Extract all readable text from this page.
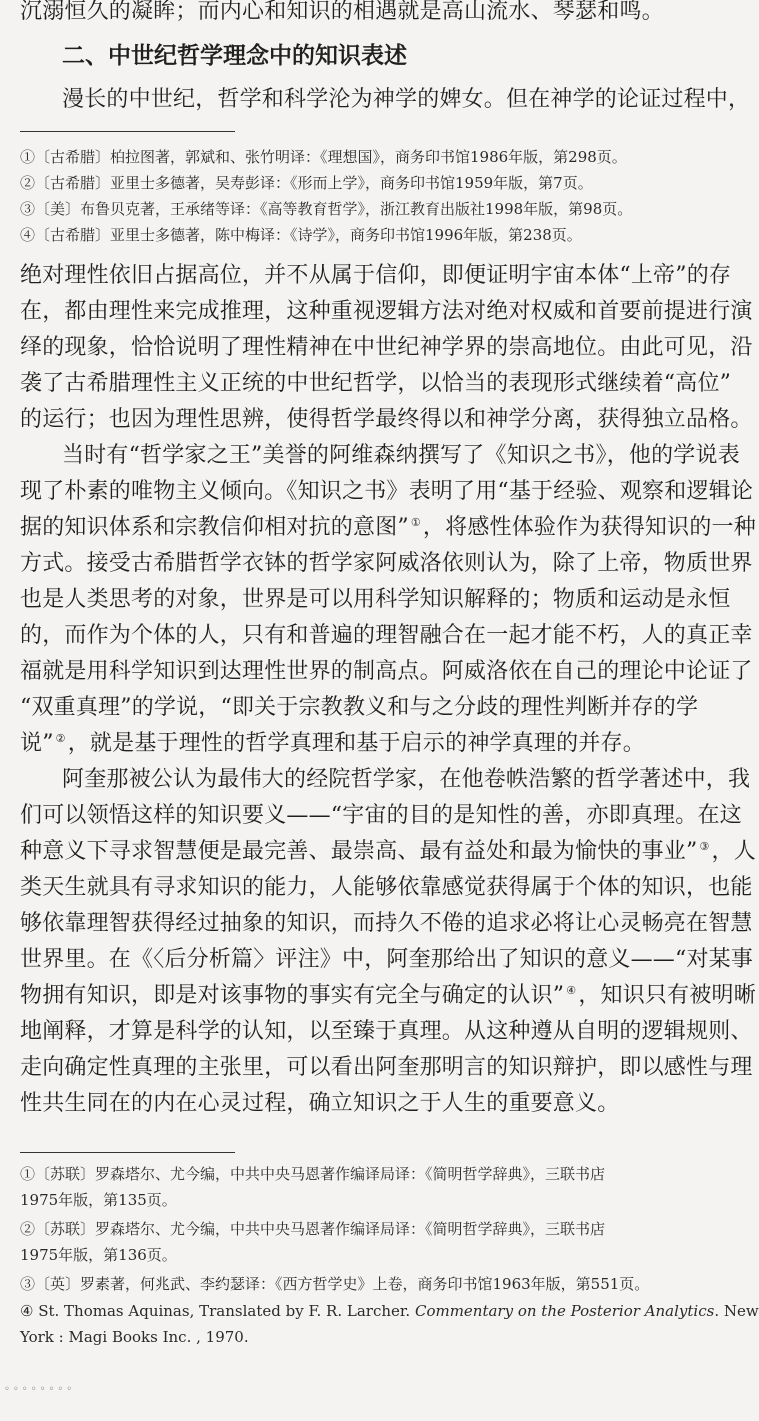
沉溺恒久的凝眸；而内心和知识的相遇就是高山流水、琴瑟和鸣。
二、中世纪哲学理念中的知识表述
漫长的中世纪，哲学和科学沦为神学的婢女。但在神学的论证过程中，
①〔古希腊〕柏拉图著，郭斌和、张竹明译：《理想国》，商务印书馆1986年版，第298页。
②〔古希腊〕亚里士多德著，吴寿彭译：《形而上学》，商务印书馆1959年版，第7页。
③〔美〕布鲁贝克著，王承绪等译：《高等教育哲学》，浙江教育出版社1998年版，第98页。
④〔古希腊〕亚里士多德著，陈中梅译：《诗学》，商务印书馆1996年版，第238页。
绝对理性依旧占据高位，并不从属于信仰，即便证明宇宙本体“上帝”的存
在，都由理性来完成推理，这种重视逻辑方法对绝对权威和首要前提进行演
绎的现象，恰恰说明了理性精神在中世纪神学界的崇高地位。由此可见，沿
袭了古希腊理性主义正统的中世纪哲学，以恰当的表现形式继续着“高位”
的运行；也因为理性思辨，使得哲学最终得以和神学分离，获得独立品格。
当时有“哲学家之王”美誉的阿维森纳撰写了《知识之书》，他的学说表
现了朴素的唯物主义倾向。《知识之书》表明了用“基于经验、观察和逻辑论
据的知识体系和宗教信仰相对抗的意图” ①，将感性体验作为获得知识的一种
方式。接受古希腊哲学衣钵的哲学家阿威洛依则认为，除了上帝，物质世界
也是人类思考的对象，世界是可以用科学知识解释的；物质和运动是永恒
的，而作为个体的人，只有和普遍的理智融合在一起才能不朽，人的真正幸
福就是用科学知识到达理性世界的制高点。阿威洛依在自己的理论中论证了
“双重真理”的学说，“即关于宗教教义和与之分歧的理性判断并存的学
说” ②，就是基于理性的哲学真理和基于启示的神学真理的并存。
阿奎那被公认为最伟大的经院哲学家，在他卷帙浩繁的哲学著述中，我
们可以领悟这样的知识要义——“宇宙的目的是知性的善，亦即真理。在这
种意义下寻求智慧便是最完善、最崇高、最有益处和最为愉快的事业” ③，人
类天生就具有寻求知识的能力，人能够依靠感觉获得属于个体的知识，也能
够依靠理智获得经过抽象的知识，而持久不倦的追求必将让心灵畅亮在智慧
世界里。在《〈后分析篇〉评注》中，阿奎那给出了知识的意义——“对某事
物拥有知识，即是对该事物的事实有完全与确定的认识” ④，知识只有被明晰
地阐释，才算是科学的认知，以至臻于真理。从这种遵从自明的逻辑规则、
走向确定性真理的主张里，可以看出阿奎那明言的知识辩护，即以感性与理
性共生同在的内在心灵过程，确立知识之于人生的重要意义。
①〔苏联〕罗森塔尔、尤今编，中共中央马恩著作编译局译：《简明哲学辞典》，三联书店
1975年版，第135页。
②〔苏联〕罗森塔尔、尤今编，中共中央马恩著作编译局译：《简明哲学辞典》，三联书店
1975年版，第136页。
③〔英〕罗素著，何兆武、李约瑟译：《西方哲学史》上卷，商务印书馆1963年版，第551页。
④ St. Thomas Aquinas, Translated by F. R. Larcher. Commentary on the Posterior Analytics. New
York : Magi Books Inc. , 1970.
◦◦◦◦◦◦◦◦
